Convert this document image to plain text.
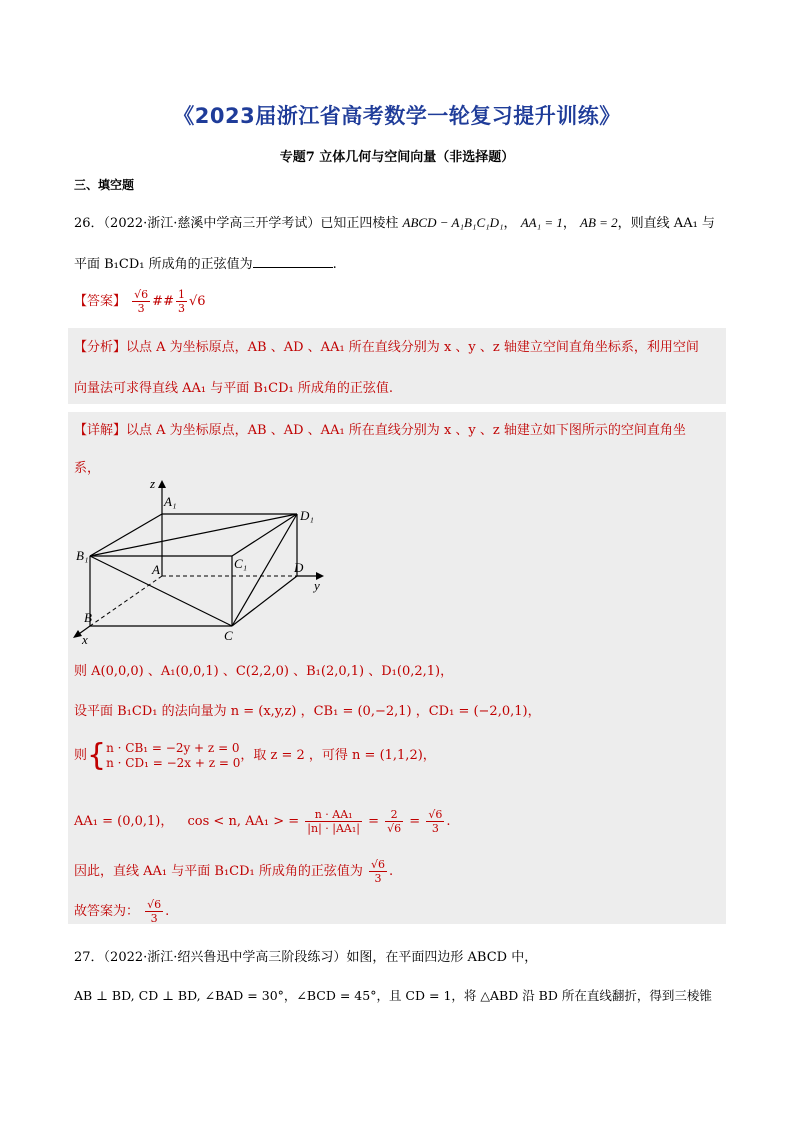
《2023届浙江省高考数学一轮复习提升训练》
专题7 立体几何与空间向量（非选择题）
三、填空题
26．（2022·浙江·慈溪中学高三开学考试）已知正四棱柱 ABCD − A₁B₁C₁D₁， AA₁ = 1， AB = 2，则直线 AA₁ 与
平面 B₁CD₁ 所成角的正弦值为	.
【答案】 $\frac{√6}{3}$ ## $\frac{1}{3} √6$
【分析】以点 A 为坐标原点，AB 、AD 、AA₁ 所在直线分别为 x 、y 、z 轴建立空间直角坐标系，利用空间
向量法可求得直线 AA₁ 与平面 B₁CD₁ 所成角的正弦值.
【详解】以点 A 为坐标原点，AB 、AD 、AA₁ 所在直线分别为 x 、y 、z 轴建立如下图所示的空间直角坐
系，
z
A₁
D₁
B₁
C₁
A	D
y
B
x	C
则 A(0,0,0) 、A₁(0,0,1) 、C(2,2,0) 、B₁(2,0,1) 、D₁(0,2,1)，
设平面 B₁CD₁ 的法向量为 n = (x,y,z) ，CB₁ = (0,−2,1) ，CD₁ = (−2,0,1)，
则{ n · CB₁ = −2y + z = 0
n · CD₁ = −2x + z = 0 ，取 z = 2 ，可得 n = (1,1,2)，
AA₁ = (0,0,1)， cos < n, AA₁ > = $\frac{\text{n · AA₁}}{\text{|n| · |AA₁|}} = \frac{2}{√6} = \frac{√6}{3}$ .
因此，直线 AA₁ 与平面 B₁CD₁ 所成角的正弦值为 $\frac{√6}{3}$ .
故答案为： $\frac{√6}{3}$ .
27．（2022·浙江·绍兴鲁迅中学高三阶段练习）如图，在平面四边形 ABCD 中，
AB ⊥ BD, CD ⊥ BD, ∠BAD = 30°，∠BCD = 45°，且 CD = 1，将 △ABD 沿 BD 所在直线翻折，得到三棱锥
